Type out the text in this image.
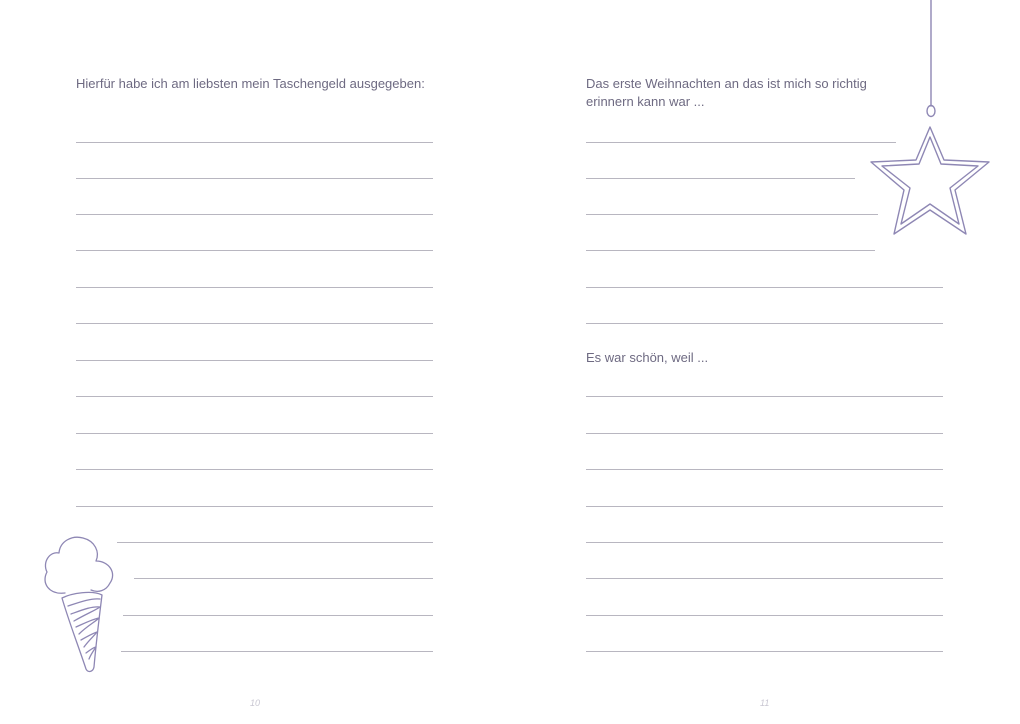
Hierfür habe ich am liebsten mein Taschengeld ausgegeben:

10

Das erste Weihnachten an das ist mich so richtig

erinnern kann war ...

Es war schön, weil ...

11
